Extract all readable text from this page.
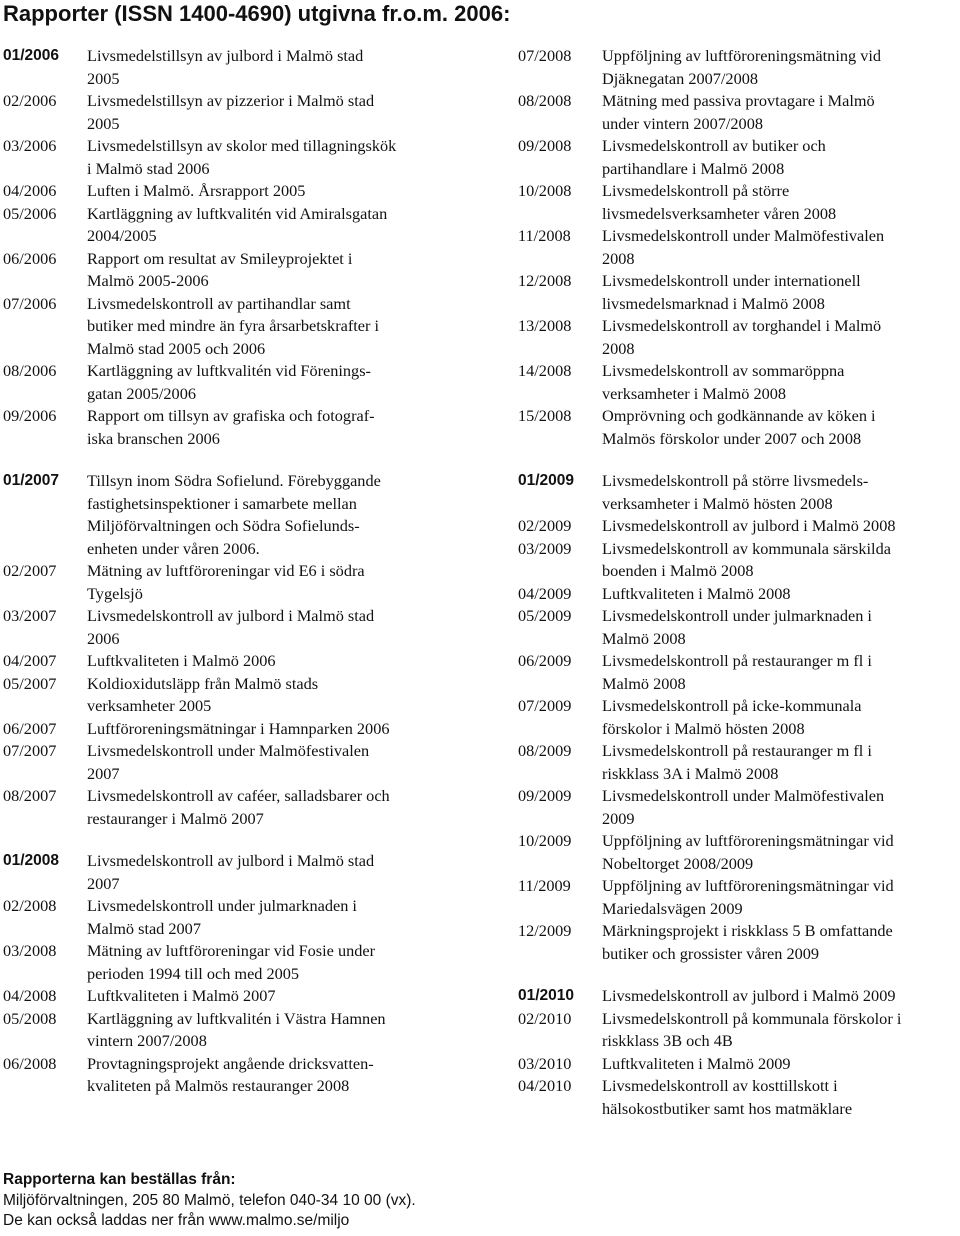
Rapporter (ISSN 1400-4690) utgivna fr.o.m. 2006:
01/2006	Livsmedelstillsyn av julbord i Malmö stad
2005
02/2006	Livsmedelstillsyn av pizzerior i Malmö stad
2005
03/2006	Livsmedelstillsyn av skolor med tillagningskök
i Malmö stad 2006
04/2006	Luften i Malmö. Årsrapport 2005
05/2006	Kartläggning av luftkvalitén vid Amiralsgatan
2004/2005
06/2006	Rapport om resultat av Smileyprojektet i
Malmö 2005-2006
07/2006	Livsmedelskontroll av partihandlar samt
butiker med mindre än fyra årsarbetskrafter i
Malmö stad 2005 och 2006
08/2006	Kartläggning av luftkvalitén vid Förenings-
gatan 2005/2006
09/2006	Rapport om tillsyn av grafiska och fotograf-
iska branschen 2006
01/2007	Tillsyn inom Södra Sofielund. Förebyggande
fastighetsinspektioner i samarbete mellan
Miljöförvaltningen och Södra Sofielunds-
enheten under våren 2006.
02/2007	Mätning av luftföroreningar vid E6 i södra
Tygelsjö
03/2007	Livsmedelskontroll av julbord i Malmö stad
2006
04/2007	Luftkvaliteten i Malmö 2006
05/2007	Koldioxidutsläpp från Malmö stads
verksamheter 2005
06/2007	Luftföroreningsmätningar i Hamnparken 2006
07/2007	Livsmedelskontroll under Malmöfestivalen
2007
08/2007	Livsmedelskontroll av caféer, salladsbarer och
restauranger i Malmö 2007
01/2008	Livsmedelskontroll av julbord i Malmö stad
2007
02/2008	Livsmedelskontroll under julmarknaden i
Malmö stad 2007
03/2008	Mätning av luftföroreningar vid Fosie under
perioden 1994 till och med 2005
04/2008	Luftkvaliteten i Malmö 2007
05/2008	Kartläggning av luftkvalitén i Västra Hamnen
vintern 2007/2008
06/2008	Provtagningsprojekt angående dricksvatten-
kvaliteten på Malmös restauranger 2008
07/2008	Uppföljning av luftföroreningsmätning vid
Djäknegatan 2007/2008
08/2008	Mätning med passiva provtagare i Malmö
under vintern 2007/2008
09/2008	Livsmedelskontroll av butiker och
partihandlare i Malmö 2008
10/2008	Livsmedelskontroll på större
livsmedelsverksamheter våren 2008
11/2008	Livsmedelskontroll under Malmöfestivalen
2008
12/2008	Livsmedelskontroll under internationell
livsmedelsmarknad i Malmö 2008
13/2008	Livsmedelskontroll av torghandel i Malmö
2008
14/2008	Livsmedelskontroll av sommaröppna
verksamheter i Malmö 2008
15/2008	Omprövning och godkännande av köken i
Malmös förskolor under 2007 och 2008
01/2009	Livsmedelskontroll på större livsmedels-
verksamheter i Malmö hösten 2008
02/2009	Livsmedelskontroll av julbord i Malmö 2008
03/2009	Livsmedelskontroll av kommunala särskilda
boenden i Malmö 2008
04/2009	Luftkvaliteten i Malmö 2008
05/2009	Livsmedelskontroll under julmarknaden i
Malmö 2008
06/2009	Livsmedelskontroll på restauranger m fl i
Malmö 2008
07/2009	Livsmedelskontroll på icke-kommunala
förskolor i Malmö hösten 2008
08/2009	Livsmedelskontroll på restauranger m fl i
riskklass 3A i Malmö 2008
09/2009	Livsmedelskontroll under Malmöfestivalen
2009
10/2009	Uppföljning av luftföroreningsmätningar vid
Nobeltorget 2008/2009
11/2009	Uppföljning av luftföroreningsmätningar vid
Mariedalsvägen 2009
12/2009	Märkningsprojekt i riskklass 5 B omfattande
butiker och grossister våren 2009
01/2010	Livsmedelskontroll av julbord i Malmö 2009
02/2010	Livsmedelskontroll på kommunala förskolor i
riskklass 3B och 4B
03/2010	Luftkvaliteten i Malmö 2009
04/2010	Livsmedelskontroll av kosttillskott i
hälsokostbutiker samt hos matmäklare
Rapporterna kan beställas från:
Miljöförvaltningen, 205 80 Malmö, telefon 040-34 10 00 (vx).
De kan också laddas ner från www.malmo.se/miljo
